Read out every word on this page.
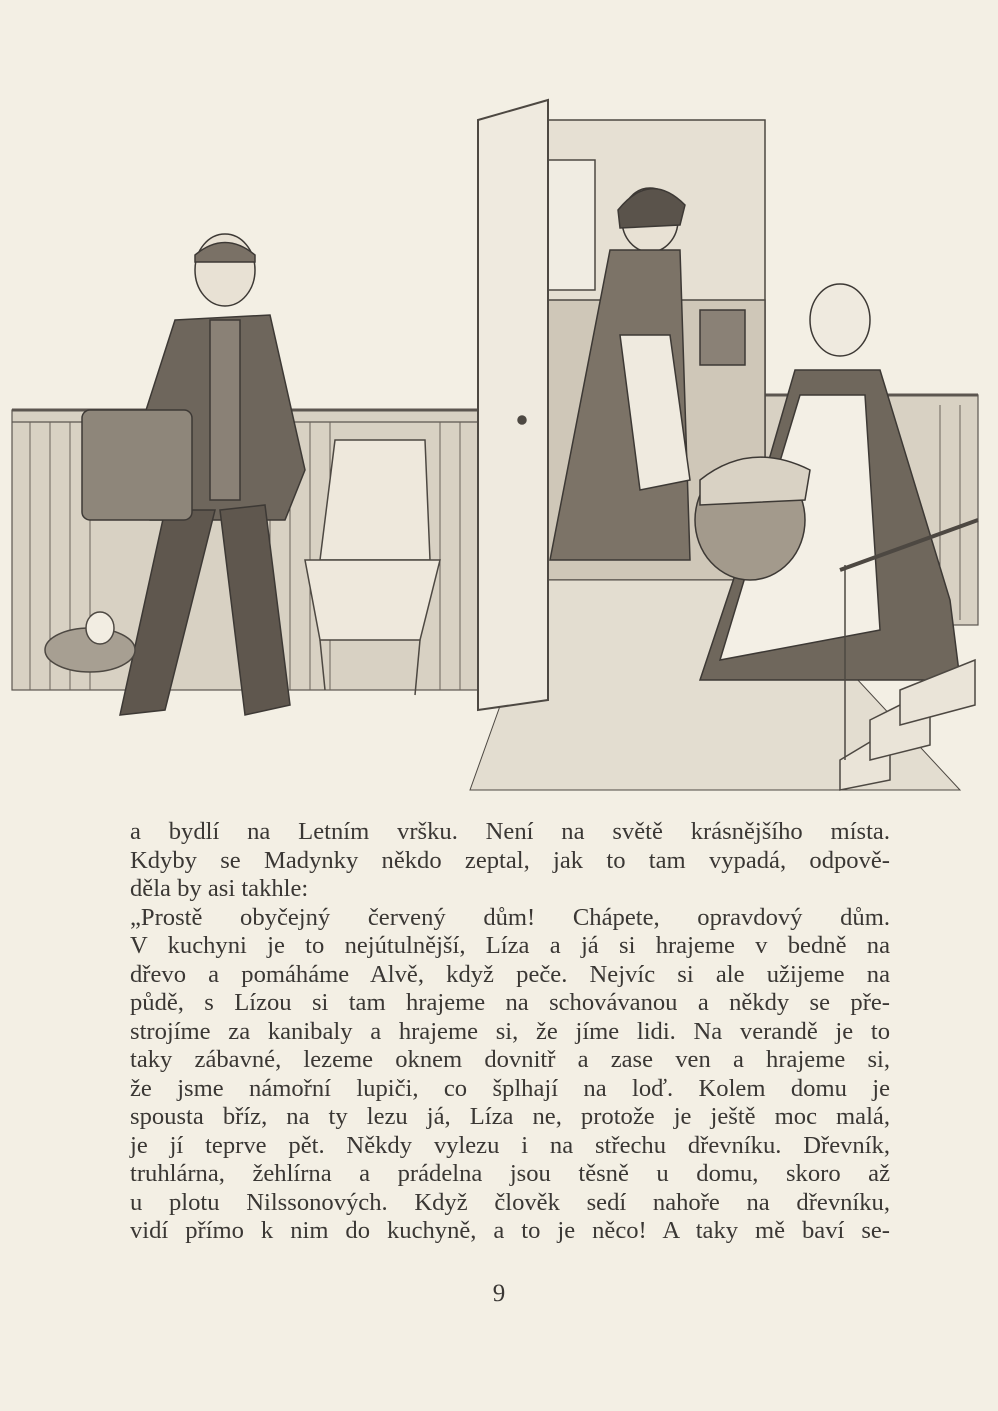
a bydlí na Letním vršku. Není na světě krásnějšího místa.
Kdyby se Madynky někdo zeptal, jak to tam vypadá, odpově-
děla by asi takhle:
„Prostě obyčejný červený dům! Chápete, opravdový dům.
V kuchyni je to nejútulnější, Líza a já si hrajeme v bedně na
dřevo a pomáháme Alvě, když peče. Nejvíc si ale užijeme na
půdě, s Lízou si tam hrajeme na schovávanou a někdy se pře-
strojíme za kanibaly a hrajeme si, že jíme lidi. Na verandě je to
taky zábavné, lezeme oknem dovnitř a zase ven a hrajeme si,
že jsme námořní lupiči, co šplhají na loď. Kolem domu je
spousta bříz, na ty lezu já, Líza ne, protože je ještě moc malá,
je jí teprve pět. Někdy vylezu i na střechu dřevníku. Dřevník,
truhlárna, žehlírna a prádelna jsou těsně u domu, skoro až
u plotu Nilssonových. Když člověk sedí nahoře na dřevníku,
vidí přímo k nim do kuchyně, a to je něco! A taky mě baví se-

9
